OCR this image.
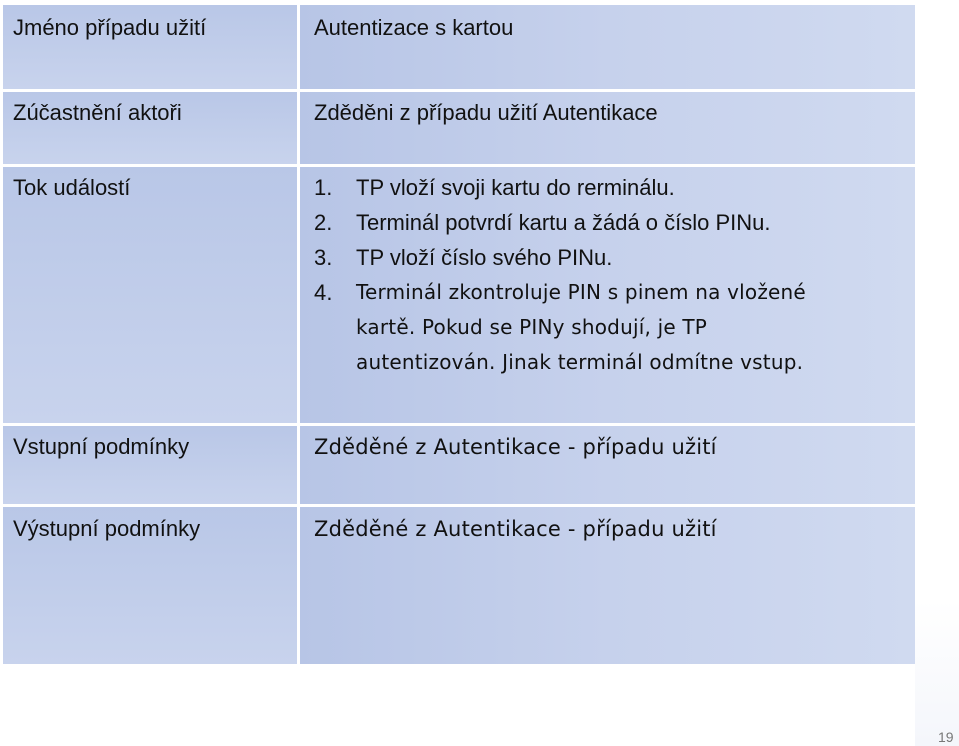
Jméno případu užití	Autentizace s kartou
Zúčastnění aktoři	Zděděni z případu užití Autentikace
Tok událostí	1. TP vloží svoji kartu do rerminálu.
2. Terminál potvrdí kartu a žádá o číslo PINu.
3. TP vloží číslo svého PINu.
4. Terminál zkontroluje PIN s pinem na vložené
kartě. Pokud se PINy shodují, je TP
autentizován. Jinak terminál odmítne vstup.
Vstupní podmínky	Zděděné z Autentikace - případu užití
Výstupní podmínky	Zděděné z Autentikace - případu užití
19
